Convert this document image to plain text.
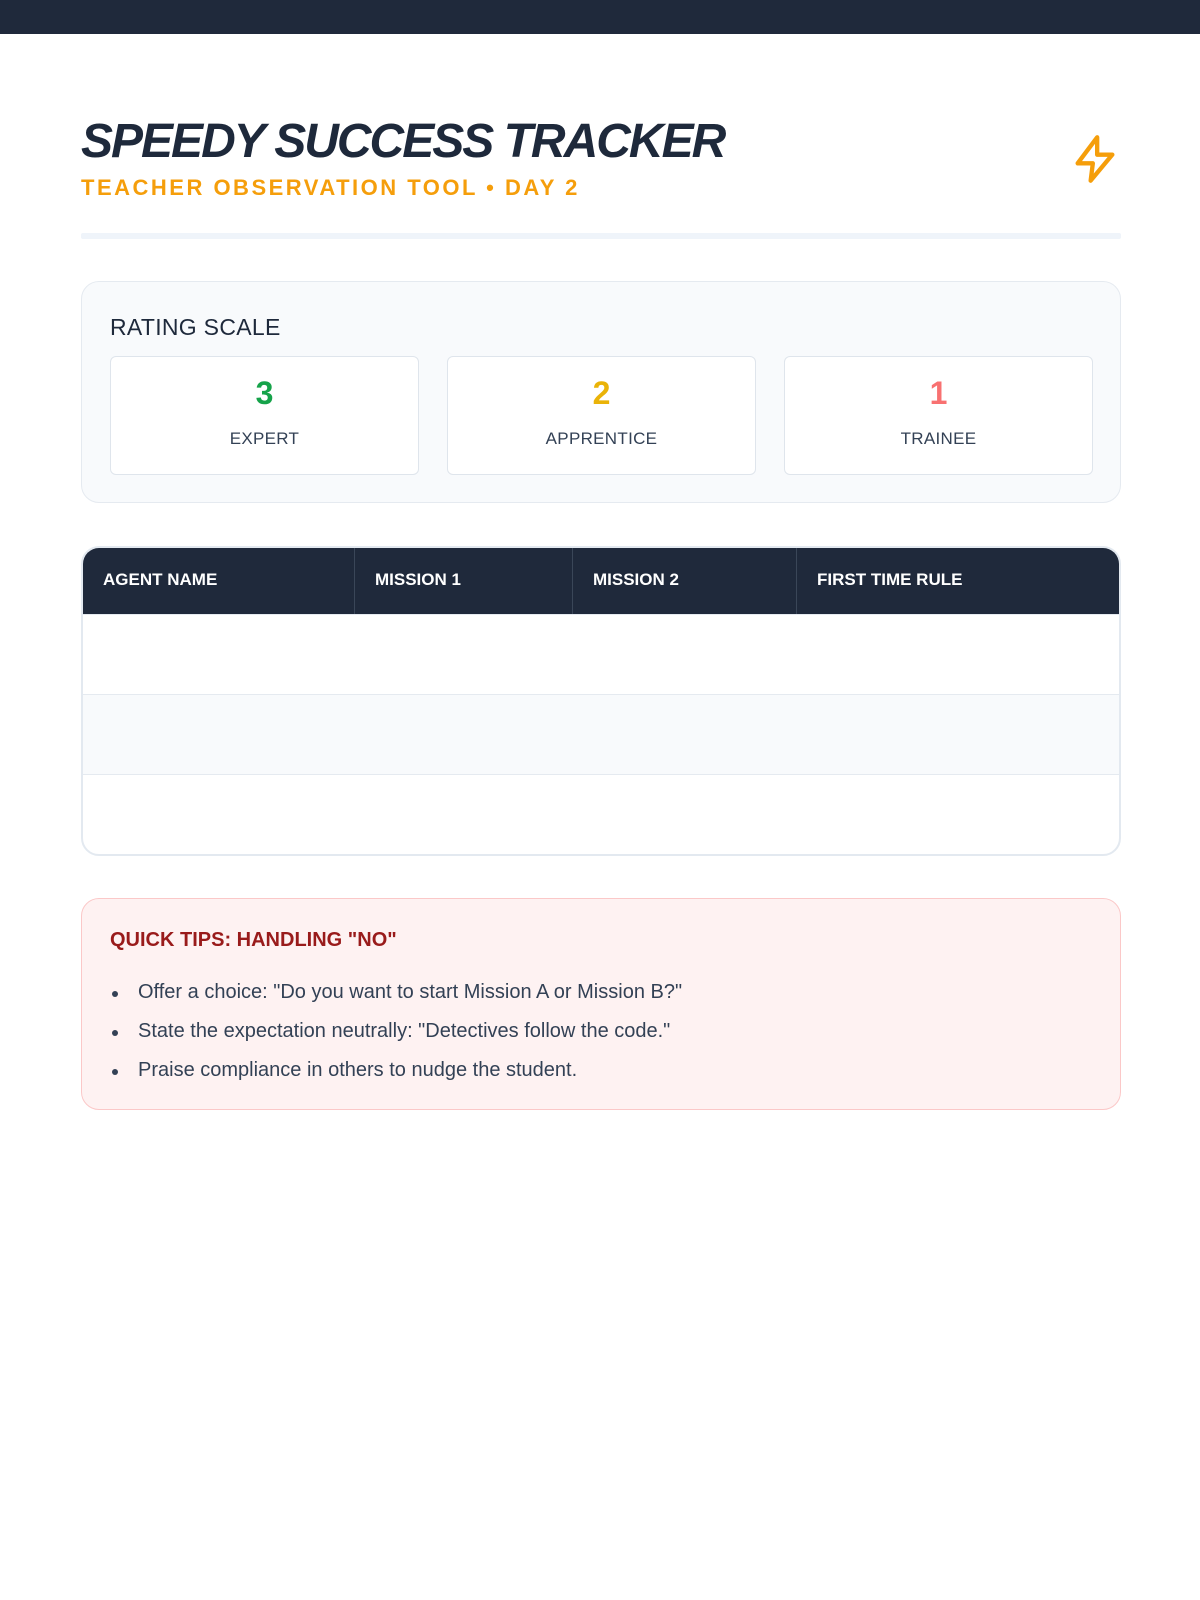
SPEEDY SUCCESS TRACKER
TEACHER OBSERVATION TOOL • DAY 2
RATING SCALE
3
EXPERT
2
APPRENTICE
1
TRAINEE
AGENT NAME	MISSION 1	MISSION 2	FIRST TIME RULE
QUICK TIPS: HANDLING "NO"
Offer a choice: "Do you want to start Mission A or Mission B?"
State the expectation neutrally: "Detectives follow the code."
Praise compliance in others to nudge the student.
